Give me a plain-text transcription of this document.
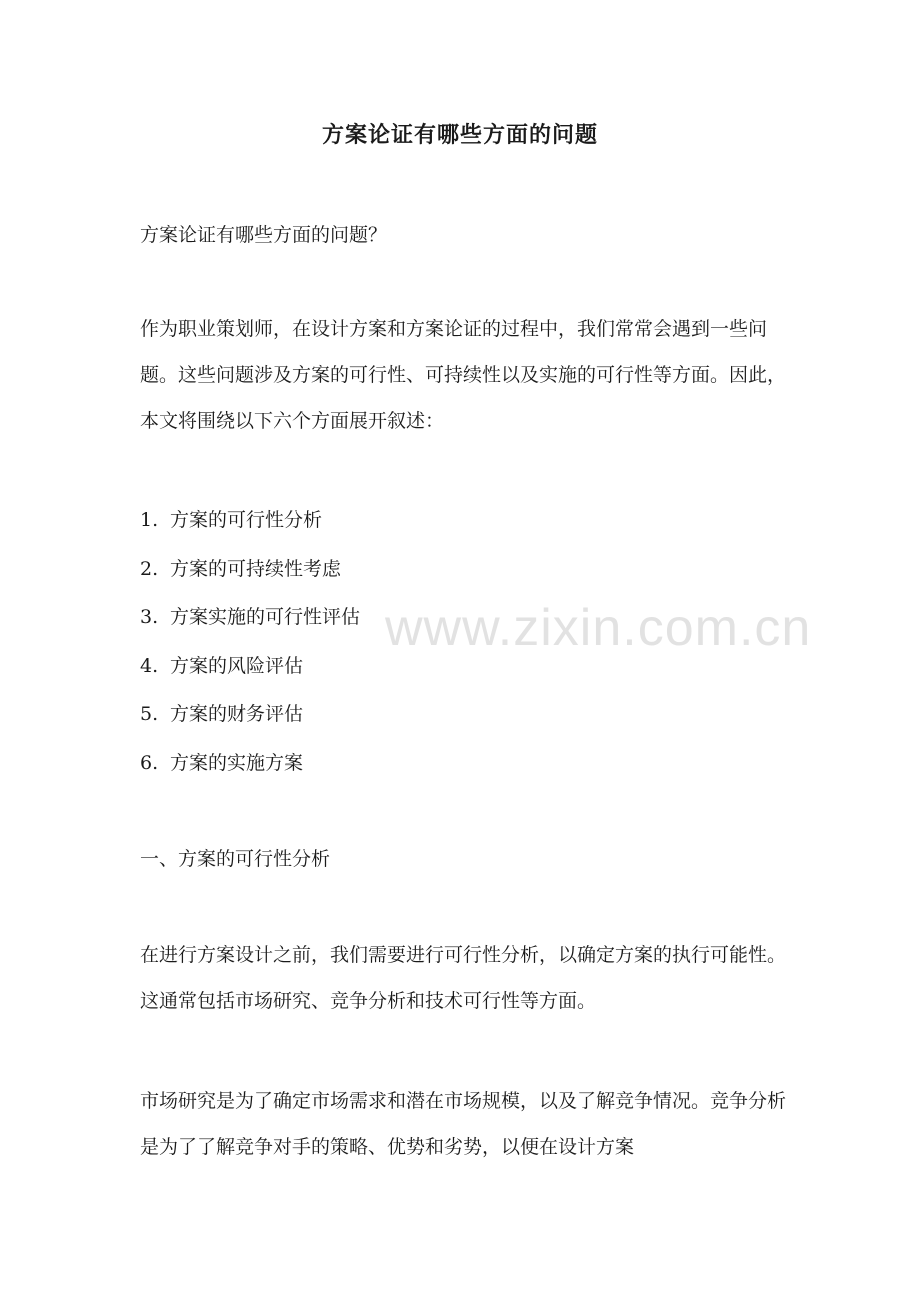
方案论证有哪些方面的问题

方案论证有哪些方面的问题？

作为职业策划师，在设计方案和方案论证的过程中，我们常常会遇到一些问题。这些问题涉及方案的可行性、可持续性以及实施的可行性等方面。因此，本文将围绕以下六个方面展开叙述：

1. 方案的可行性分析
2. 方案的可持续性考虑
3. 方案实施的可行性评估
4. 方案的风险评估
5. 方案的财务评估
6. 方案的实施方案

一、方案的可行性分析

在进行方案设计之前，我们需要进行可行性分析，以确定方案的执行可能性。这通常包括市场研究、竞争分析和技术可行性等方面。

市场研究是为了确定市场需求和潜在市场规模，以及了解竞争情况。竞争分析是为了了解竞争对手的策略、优势和劣势，以便在设计方案

www.zixin.com.cn
